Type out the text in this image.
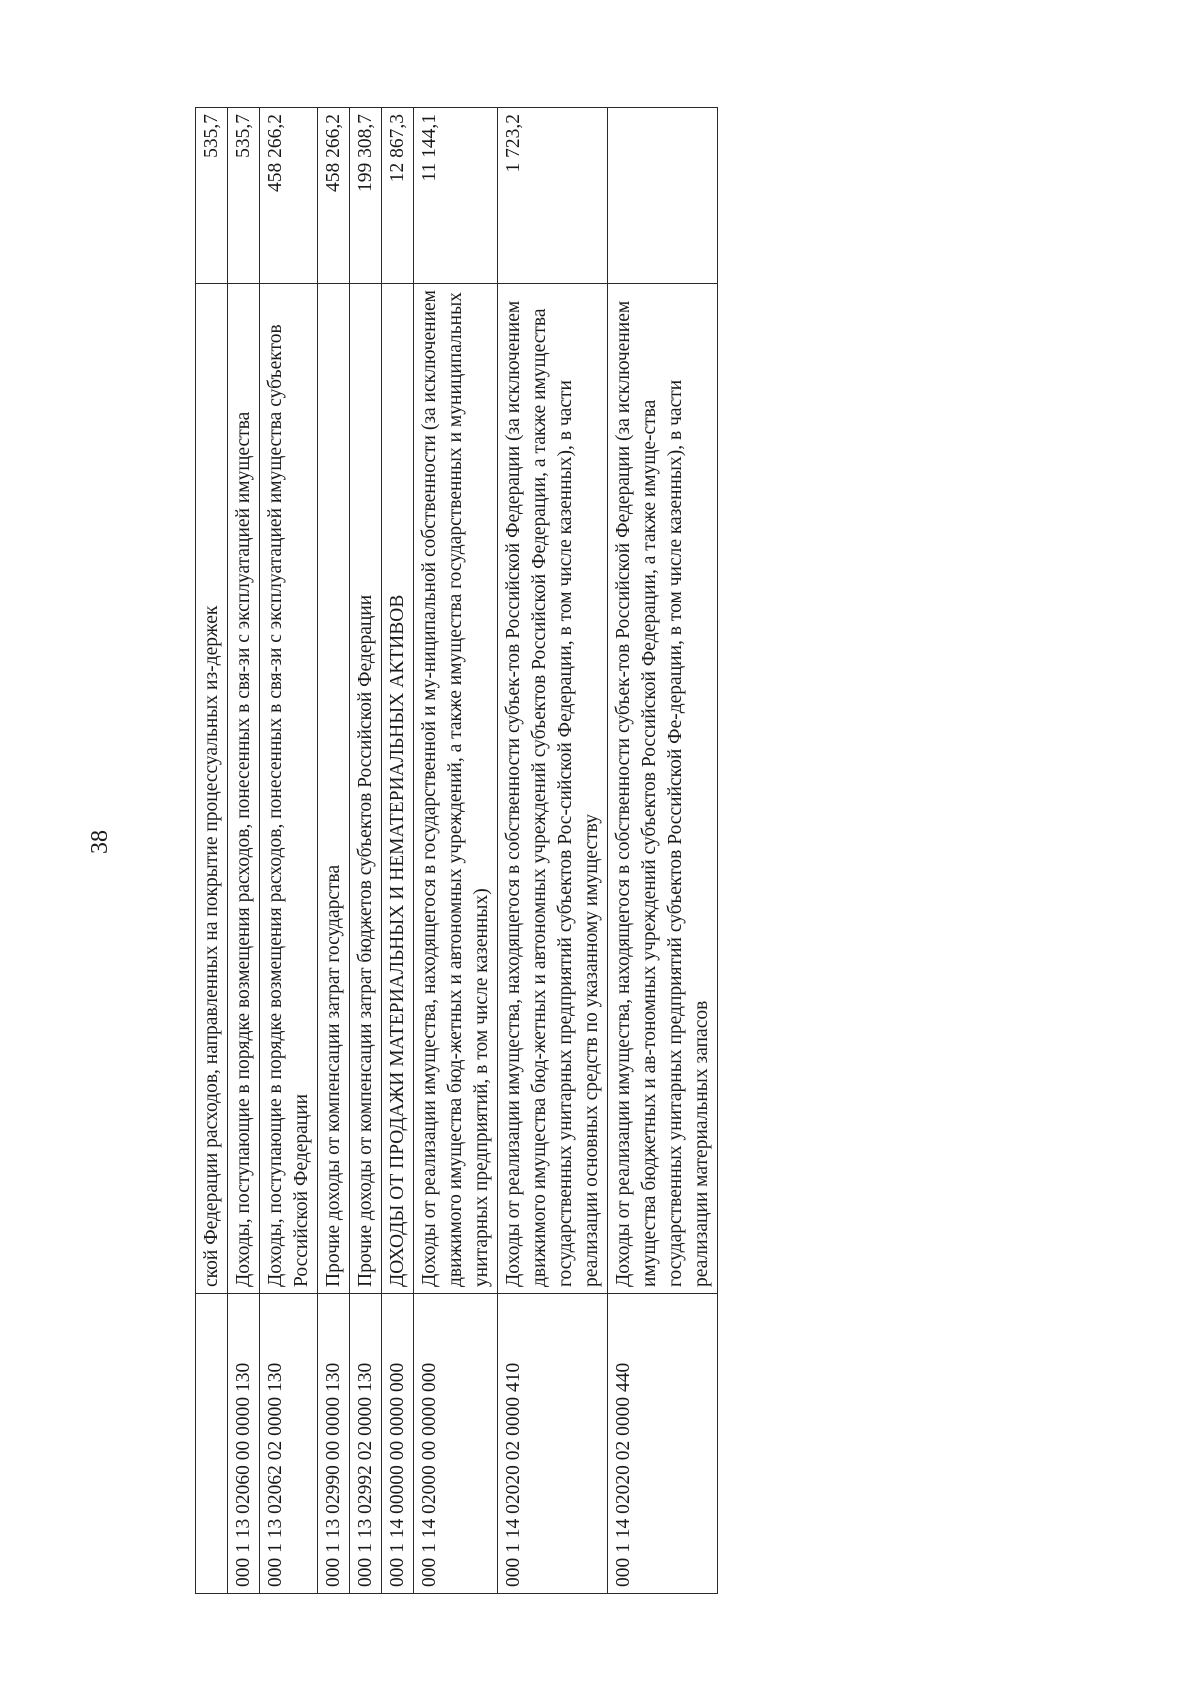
38
		ской Федерации расходов, направленных на покрытие процессуальных из-держек	535,7
000 1 13 02060 00 0000 130	Доходы, поступающие в порядке возмещения расходов, понесенных в свя-зи с эксплуатацией имущества	535,7
000 1 13 02062 02 0000 130	Доходы, поступающие в порядке возмещения расходов, понесенных в свя-зи с эксплуатацией имущества субъектов Российской Федерации	458 266,2
000 1 13 02990 00 0000 130	Прочие доходы от компенсации затрат государства	458 266,2
000 1 13 02992 02 0000 130	Прочие доходы от компенсации затрат бюджетов субъектов Российской Федерации	199 308,7
000 1 14 00000 00 0000 000	ДОХОДЫ ОТ ПРОДАЖИ МАТЕРИАЛЬНЫХ И НЕМАТЕРИАЛЬНЫХ АКТИВОВ	12 867,3
000 1 14 02000 00 0000 000	Доходы от реализации имущества, находящегося в государственной и му-ниципальной собственности (за исключением движимого имущества бюд-жетных и автономных учреждений, а также имущества государственных и муниципальных унитарных предприятий, в том числе казенных)	11 144,1
000 1 14 02020 02 0000 410	Доходы от реализации имущества, находящегося в собственности субъек-тов Российской Федерации (за исключением движимого имущества бюд-жетных и автономных учреждений субъектов Российской Федерации, а также имущества государственных унитарных предприятий субъектов Рос-сийской Федерации, в том числе казенных), в части реализации основных средств по указанному имуществу	1 723,2
000 1 14 02020 02 0000 440	Доходы от реализации имущества, находящегося в собственности субъек-тов Российской Федерации (за исключением имущества бюджетных и ав-тономных учреждений субъектов Российской Федерации, а также имуще-ства государственных унитарных предприятий субъектов Российской Фе-дерации, в том числе казенных), в части реализации материальных запасов	
